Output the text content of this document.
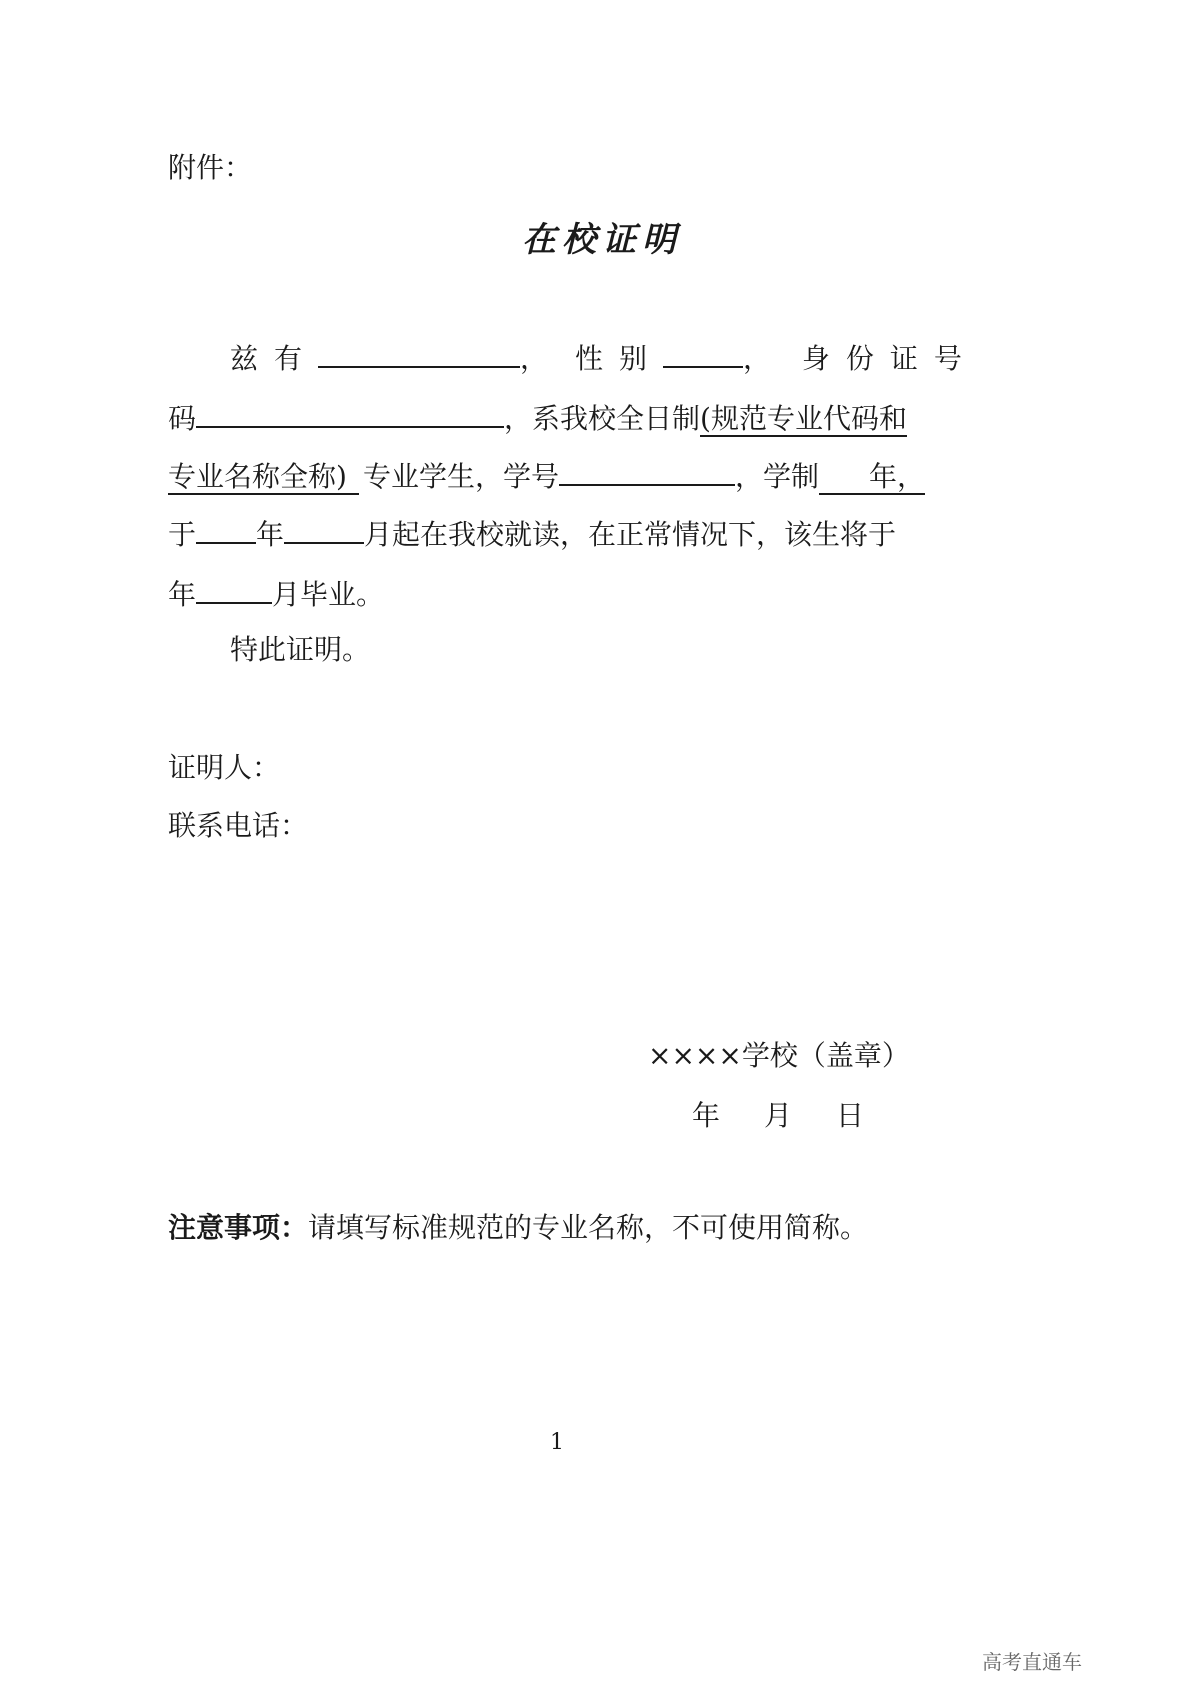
附件：
在校证明
兹有	， 性别	， 身份证号
码	，系我校全日制(规范专业代码和
专业名称全称) 专业学生，学号	，学制 年，
于 年	月起在我校就读，在正常情况下，该生将于
年	月毕业。
特此证明。
证明人：
联系电话：
××××学校（盖章）
年 月 日
注意事项：请填写标准规范的专业名称，不可使用简称。
1
高考直通车
